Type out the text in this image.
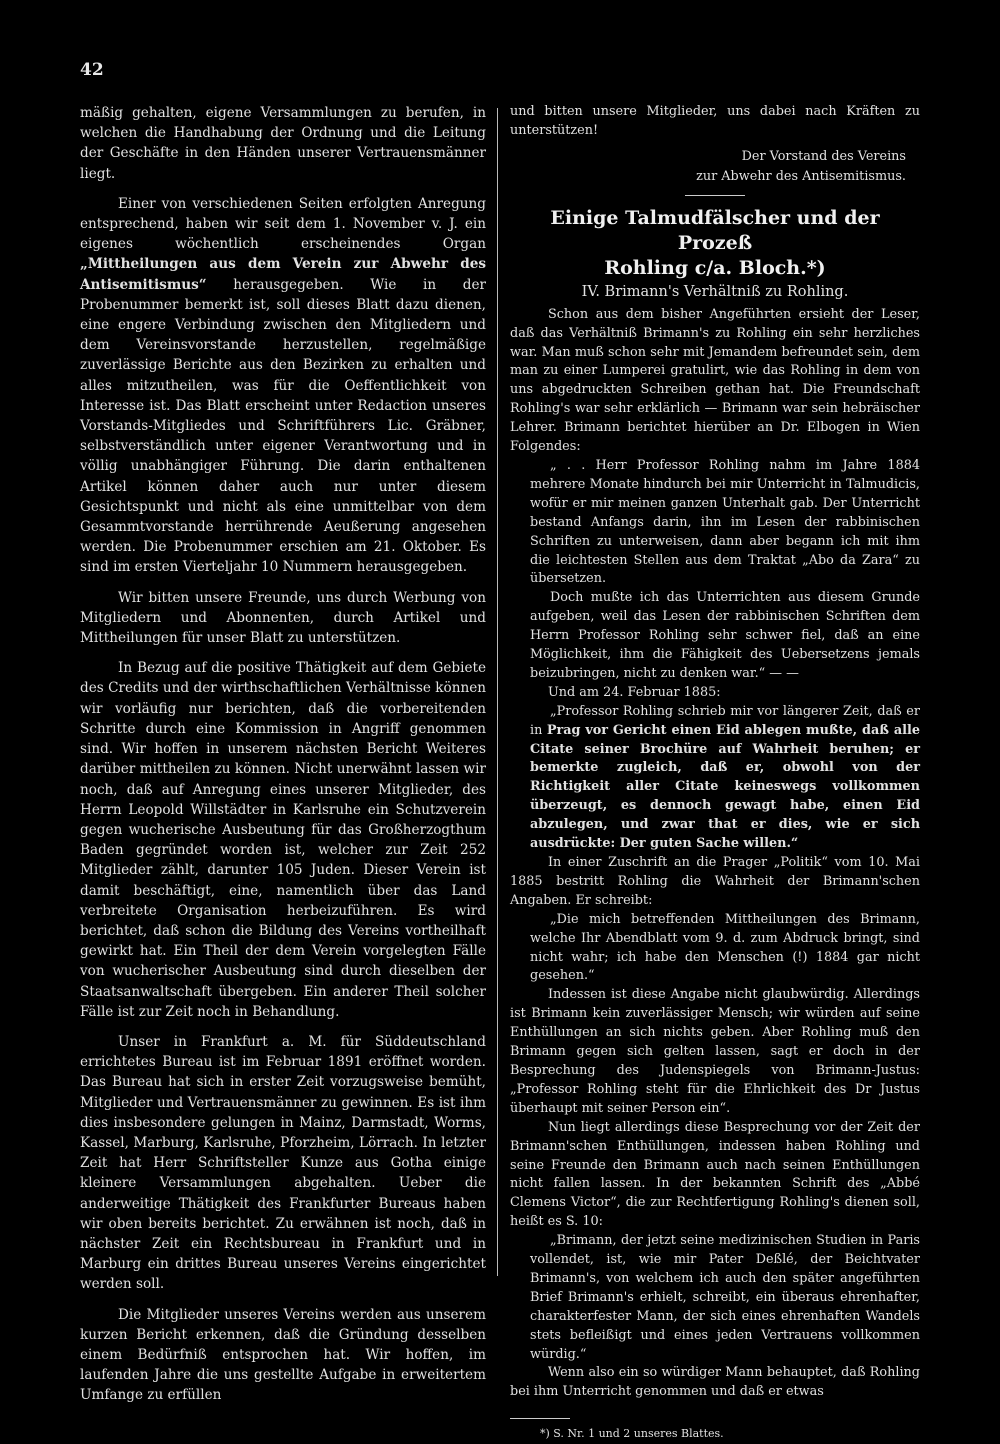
42

mäßig gehalten, eigene Versammlungen zu berufen, in welchen die Handhabung der Ordnung und die Leitung der Geschäfte in den Händen unserer Vertrauensmänner liegt.

Einer von verschiedenen Seiten erfolgten Anregung entsprechend, haben wir seit dem 1. November v. J. ein eigenes wöchentlich erscheinendes Organ „Mittheilungen aus dem Verein zur Abwehr des Antisemitismus“ herausgegeben. Wie in der Probenummer bemerkt ist, soll dieses Blatt dazu dienen, eine engere Verbindung zwischen den Mitgliedern und dem Vereinsvorstande herzustellen, regelmäßige zuverlässige Berichte aus den Bezirken zu erhalten und alles mitzutheilen, was für die Oeffentlichkeit von Interesse ist. Das Blatt erscheint unter Redaction unseres Vorstands-Mitgliedes und Schriftführers Lic. Gräbner, selbstverständlich unter eigener Verantwortung und in völlig unabhängiger Führung. Die darin enthaltenen Artikel können daher auch nur unter diesem Gesichtspunkt und nicht als eine unmittelbar von dem Gesammtvorstande herrührende Aeußerung angesehen werden. Die Probenummer erschien am 21. Oktober. Es sind im ersten Vierteljahr 10 Nummern herausgegeben.

Wir bitten unsere Freunde, uns durch Werbung von Mitgliedern und Abonnenten, durch Artikel und Mittheilungen für unser Blatt zu unterstützen.

In Bezug auf die positive Thätigkeit auf dem Gebiete des Credits und der wirthschaftlichen Verhältnisse können wir vorläufig nur berichten, daß die vorbereitenden Schritte durch eine Kommission in Angriff genommen sind. Wir hoffen in unserem nächsten Bericht Weiteres darüber mittheilen zu können. Nicht unerwähnt lassen wir noch, daß auf Anregung eines unserer Mitglieder, des Herrn Leopold Willstädter in Karlsruhe ein Schutzverein gegen wucherische Ausbeutung für das Großherzogthum Baden gegründet worden ist, welcher zur Zeit 252 Mitglieder zählt, darunter 105 Juden. Dieser Verein ist damit beschäftigt, eine, namentlich über das Land verbreitete Organisation herbeizuführen. Es wird berichtet, daß schon die Bildung des Vereins vortheilhaft gewirkt hat. Ein Theil der dem Verein vorgelegten Fälle von wucherischer Ausbeutung sind durch dieselben der Staatsanwaltschaft übergeben. Ein anderer Theil solcher Fälle ist zur Zeit noch in Behandlung.

Unser in Frankfurt a. M. für Süddeutschland errichtetes Bureau ist im Februar 1891 eröffnet worden. Das Bureau hat sich in erster Zeit vorzugsweise bemüht, Mitglieder und Vertrauensmänner zu gewinnen. Es ist ihm dies insbesondere gelungen in Mainz, Darmstadt, Worms, Kassel, Marburg, Karlsruhe, Pforzheim, Lörrach. In letzter Zeit hat Herr Schriftsteller Kunze aus Gotha einige kleinere Versammlungen abgehalten. Ueber die anderweitige Thätigkeit des Frankfurter Bureaus haben wir oben bereits berichtet. Zu erwähnen ist noch, daß in nächster Zeit ein Rechtsbureau in Frankfurt und in Marburg ein drittes Bureau unseres Vereins eingerichtet werden soll.

Die Mitglieder unseres Vereins werden aus unserem kurzen Bericht erkennen, daß die Gründung desselben einem Bedürfniß entsprochen hat. Wir hoffen, im laufenden Jahre die uns gestellte Aufgabe in erweitertem Umfange zu erfüllen

und bitten unsere Mitglieder, uns dabei nach Kräften zu unterstützen!

Der Vorstand des Vereins
zur Abwehr des Antisemitismus.
Einige Talmudfälscher und der Prozeß
Rohling c/a. Bloch.*)
IV. Brimann's Verhältniß zu Rohling.

Schon aus dem bisher Angeführten ersieht der Leser, daß das Verhältniß Brimann's zu Rohling ein sehr herzliches war. Man muß schon sehr mit Jemandem befreundet sein, dem man zu einer Lumperei gratulirt, wie das Rohling in dem von uns abgedruckten Schreiben gethan hat. Die Freundschaft Rohling's war sehr erklärlich — Brimann war sein hebräischer Lehrer. Brimann berichtet hierüber an Dr. Elbogen in Wien Folgendes:

„ . . Herr Professor Rohling nahm im Jahre 1884 mehrere Monate hindurch bei mir Unterricht in Talmudicis, wofür er mir meinen ganzen Unterhalt gab. Der Unterricht bestand Anfangs darin, ihn im Lesen der rabbinischen Schriften zu unterweisen, dann aber begann ich mit ihm die leichtesten Stellen aus dem Traktat „Abo da Zara“ zu übersetzen.

Doch mußte ich das Unterrichten aus diesem Grunde aufgeben, weil das Lesen der rabbinischen Schriften dem Herrn Professor Rohling sehr schwer fiel, daß an eine Möglichkeit, ihm die Fähigkeit des Uebersetzens jemals beizubringen, nicht zu denken war.“ — —

Und am 24. Februar 1885:

„Professor Rohling schrieb mir vor längerer Zeit, daß er in Prag vor Gericht einen Eid ablegen mußte, daß alle Citate seiner Brochüre auf Wahrheit beruhen; er bemerkte zugleich, daß er, obwohl von der Richtigkeit aller Citate keineswegs vollkommen überzeugt, es dennoch gewagt habe, einen Eid abzulegen, und zwar that er dies, wie er sich ausdrückte: Der guten Sache willen.“

In einer Zuschrift an die Prager „Politik“ vom 10. Mai 1885 bestritt Rohling die Wahrheit der Brimann'schen Angaben. Er schreibt:

„Die mich betreffenden Mittheilungen des Brimann, welche Ihr Abendblatt vom 9. d. zum Abdruck bringt, sind nicht wahr; ich habe den Menschen (!) 1884 gar nicht gesehen.“

Indessen ist diese Angabe nicht glaubwürdig. Allerdings ist Brimann kein zuverlässiger Mensch; wir würden auf seine Enthüllungen an sich nichts geben. Aber Rohling muß den Brimann gegen sich gelten lassen, sagt er doch in der Besprechung des Judenspiegels von Brimann-Justus: „Professor Rohling steht für die Ehrlichkeit des Dr Justus überhaupt mit seiner Person ein“.

Nun liegt allerdings diese Besprechung vor der Zeit der Brimann'schen Enthüllungen, indessen haben Rohling und seine Freunde den Brimann auch nach seinen Enthüllungen nicht fallen lassen. In der bekannten Schrift des „Abbé Clemens Victor“, die zur Rechtfertigung Rohling's dienen soll, heißt es S. 10:

„Brimann, der jetzt seine medizinischen Studien in Paris vollendet, ist, wie mir Pater Deßlé, der Beichtvater Brimann's, von welchem ich auch den später angeführten Brief Brimann's erhielt, schreibt, ein überaus ehrenhafter, charakterfester Mann, der sich eines ehrenhaften Wandels stets befleißigt und eines jeden Vertrauens vollkommen würdig.“

Wenn also ein so würdiger Mann behauptet, daß Rohling bei ihm Unterricht genommen und daß er etwas

*) S. Nr. 1 und 2 unseres Blattes.
